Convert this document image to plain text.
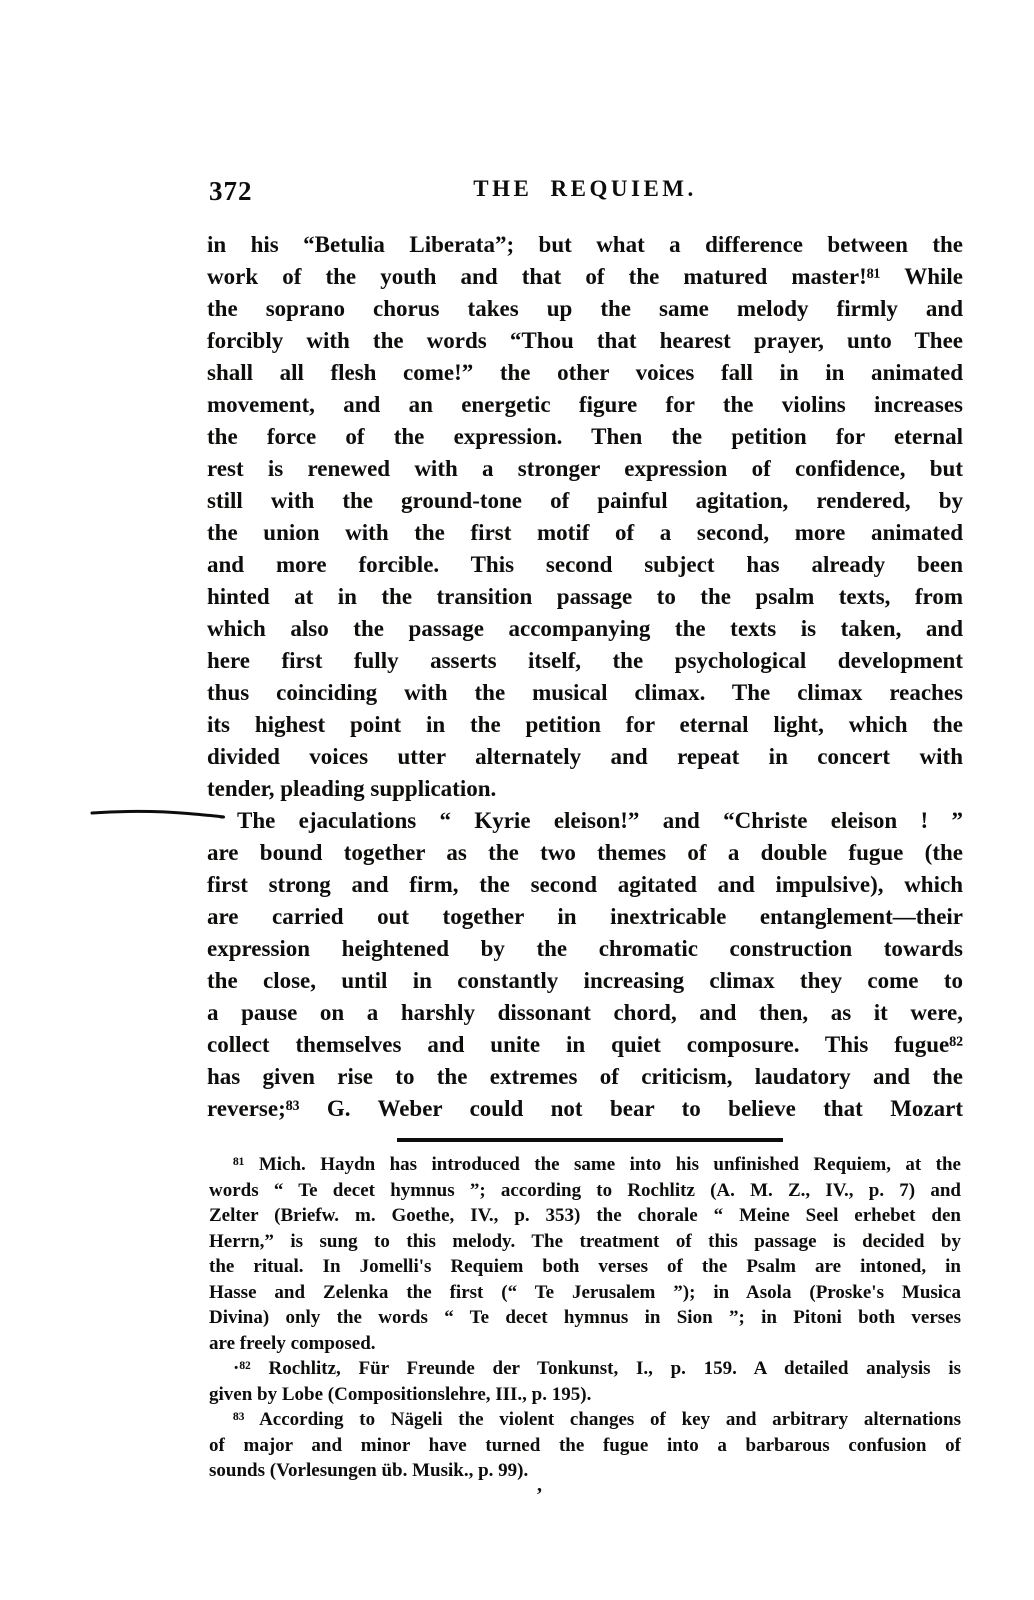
372	THE REQUIEM.
in his “Betulia Liberata”; but what a difference between the
work of the youth and that of the matured master!⁸¹ While
the soprano chorus takes up the same melody firmly and
forcibly with the words “Thou that hearest prayer, unto Thee
shall all flesh come!” the other voices fall in in animated
movement, and an energetic figure for the violins increases
the force of the expression. Then the petition for eternal
rest is renewed with a stronger expression of confidence, but
still with the ground-tone of painful agitation, rendered, by
the union with the first motif of a second, more animated
and more forcible. This second subject has already been
hinted at in the transition passage to the psalm texts, from
which also the passage accompanying the texts is taken, and
here first fully asserts itself, the psychological development
thus coinciding with the musical climax. The climax reaches
its highest point in the petition for eternal light, which the
divided voices utter alternately and repeat in concert with
tender, pleading supplication.
The ejaculations “ Kyrie eleison!” and “Christe eleison ! ”
are bound together as the two themes of a double fugue (the
first strong and firm, the second agitated and impulsive), which
are carried out together in inextricable entanglement—their
expression heightened by the chromatic construction towards
the close, until in constantly increasing climax they come to
a pause on a harshly dissonant chord, and then, as it were,
collect themselves and unite in quiet composure. This fugue⁸²
has given rise to the extremes of criticism, laudatory and the
reverse;⁸³ G. Weber could not bear to believe that Mozart
⁸¹ Mich. Haydn has introduced the same into his unfinished Requiem, at the
words “ Te decet hymnus ”; according to Rochlitz (A. M. Z., IV., p. 7) and
Zelter (Briefw. m. Goethe, IV., p. 353) the chorale “ Meine Seel erhebet den
Herrn,” is sung to this melody. The treatment of this passage is decided by
the ritual. In Jomelli's Requiem both verses of the Psalm are intoned, in
Hasse and Zelenka the first (“ Te Jerusalem ”); in Asola (Proske's Musica
Divina) only the words “ Te decet hymnus in Sion ”; in Pitoni both verses
are freely composed.
·⁸² Rochlitz, Für Freunde der Tonkunst, I., p. 159. A detailed analysis is
given by Lobe (Compositionslehre, III., p. 195).
⁸³ According to Nägeli the violent changes of key and arbitrary alternations
of major and minor have turned the fugue into a barbarous confusion of
sounds (Vorlesungen üb. Musik., p. 99).
’
